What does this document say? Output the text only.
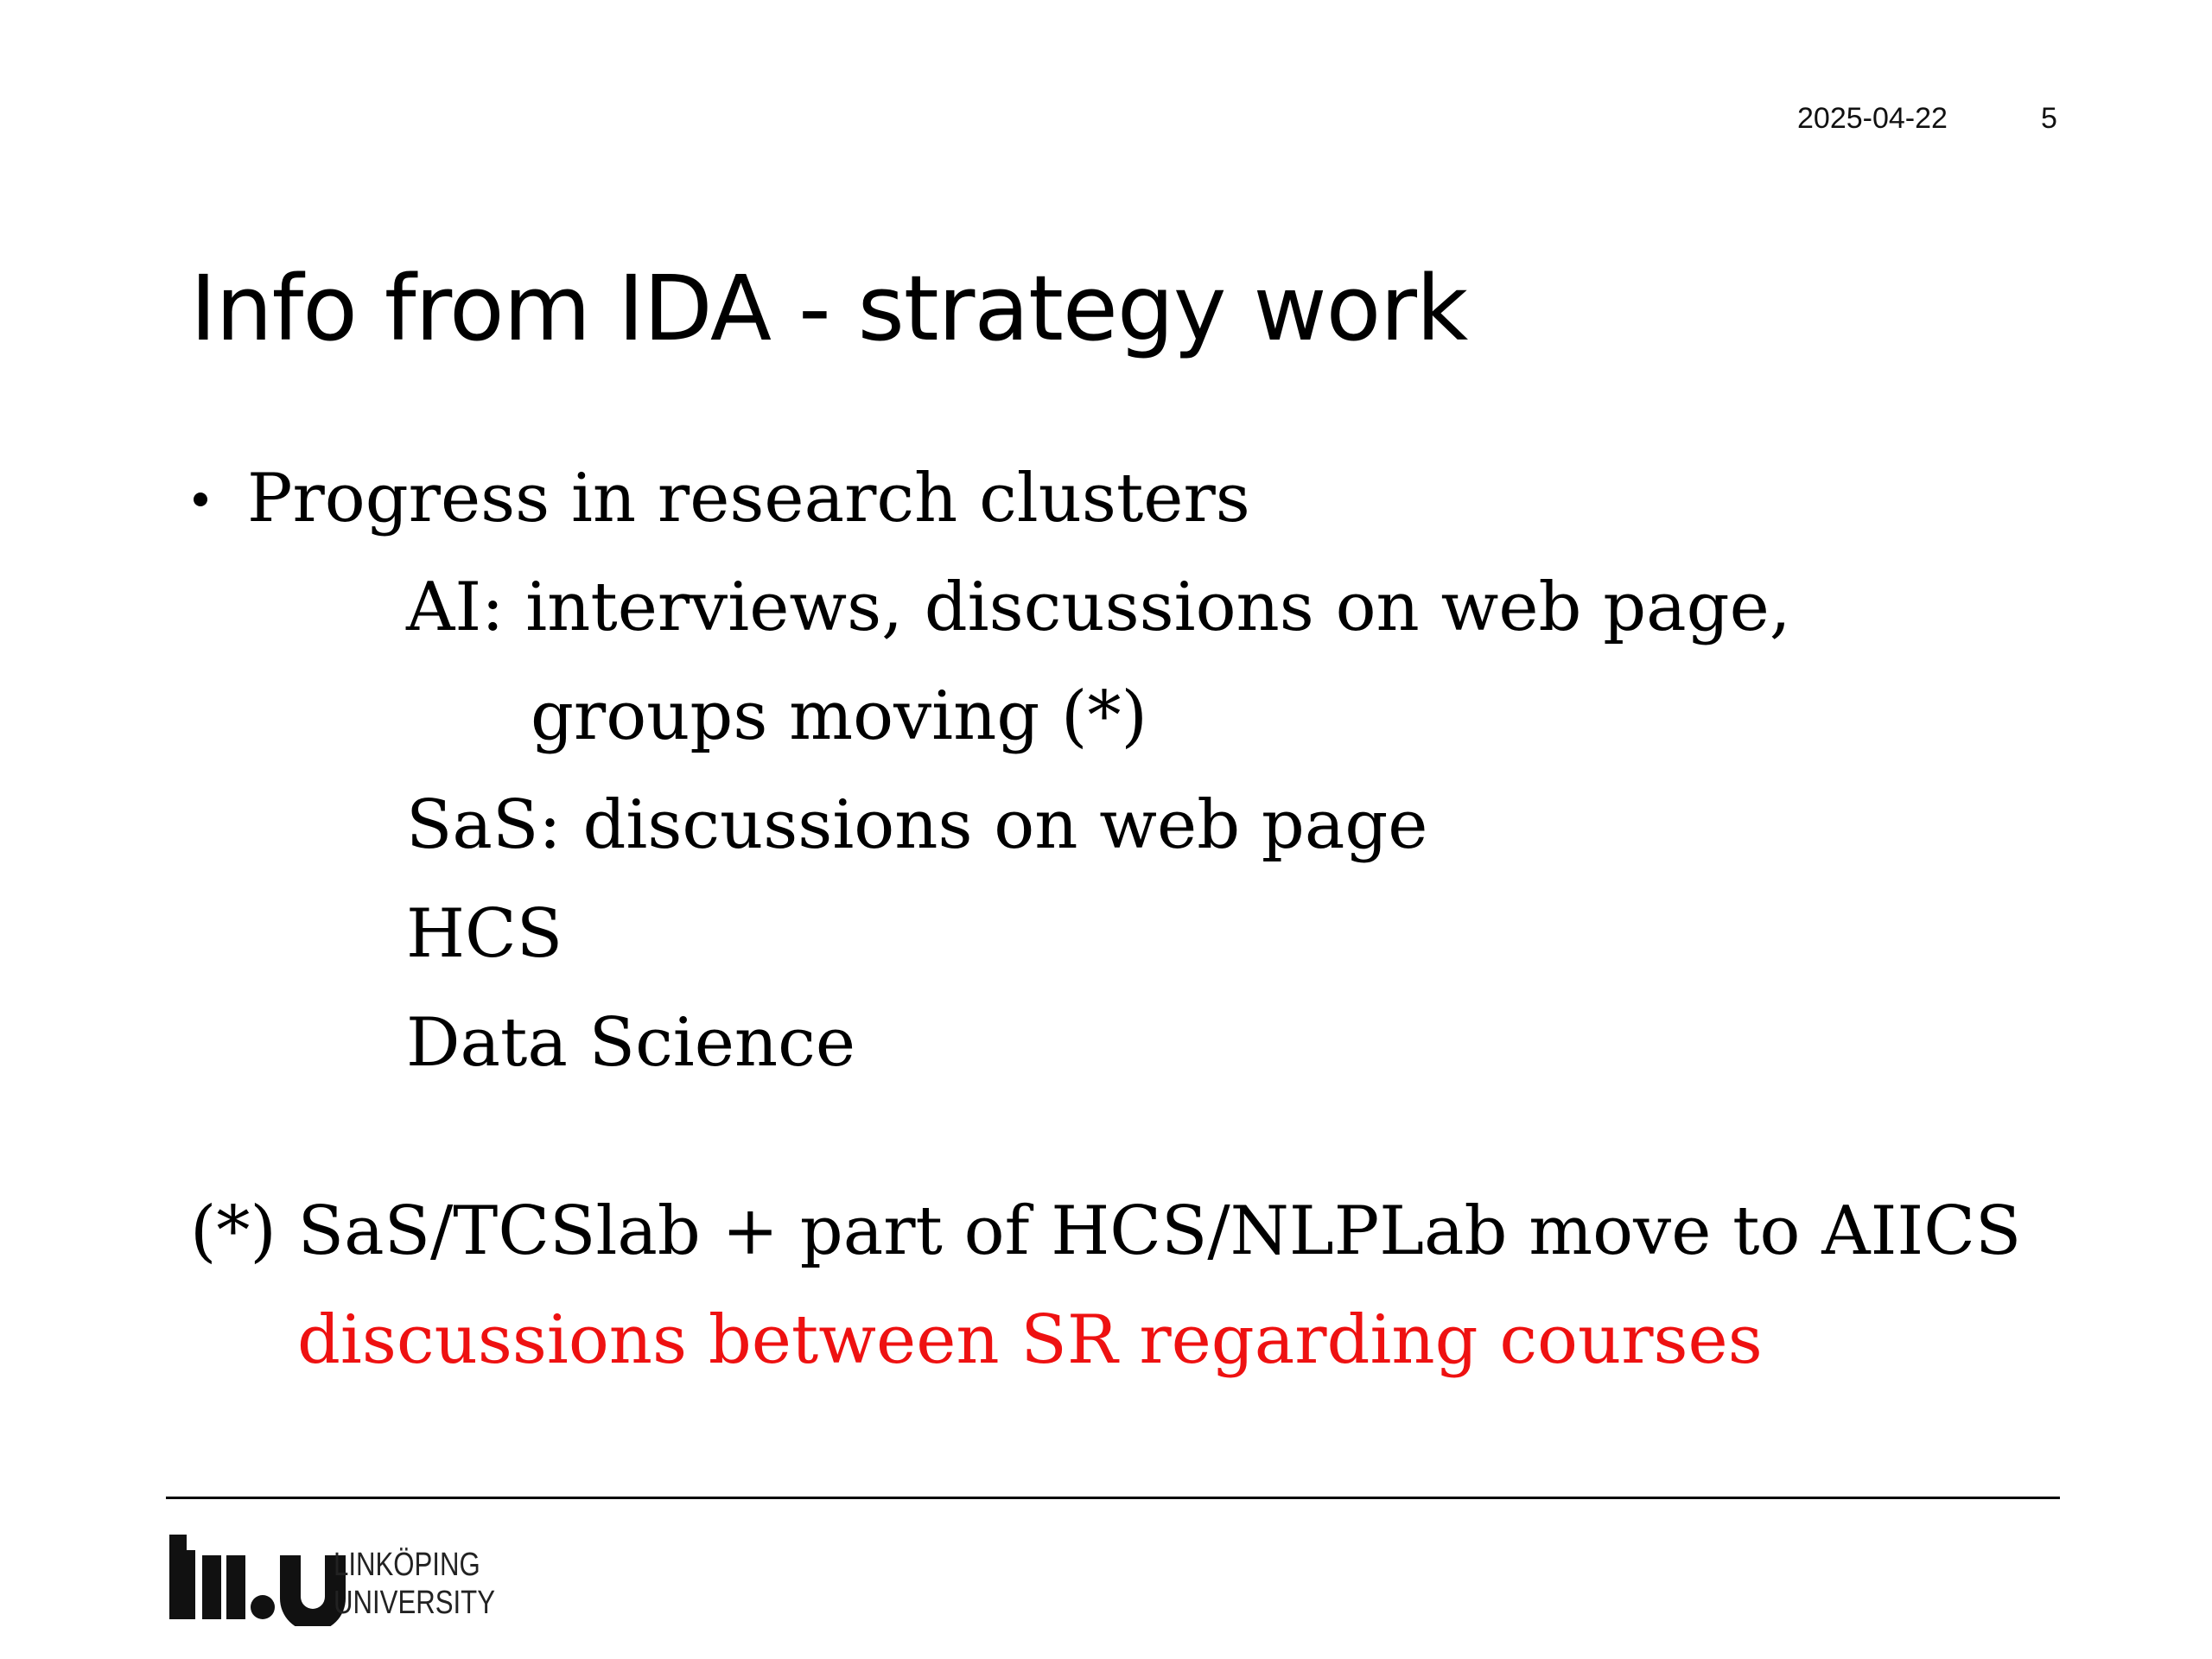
2025-04-22	5
Info from IDA - strategy work
Progress in research clusters
AI: interviews, discussions on web page,
groups moving (*)
SaS: discussions on web page
HCS
Data Science
(*) SaS/TCSlab + part of HCS/NLPLab move to AIICS
discussions between SR regarding courses
LINKÖPING
UNIVERSITY
